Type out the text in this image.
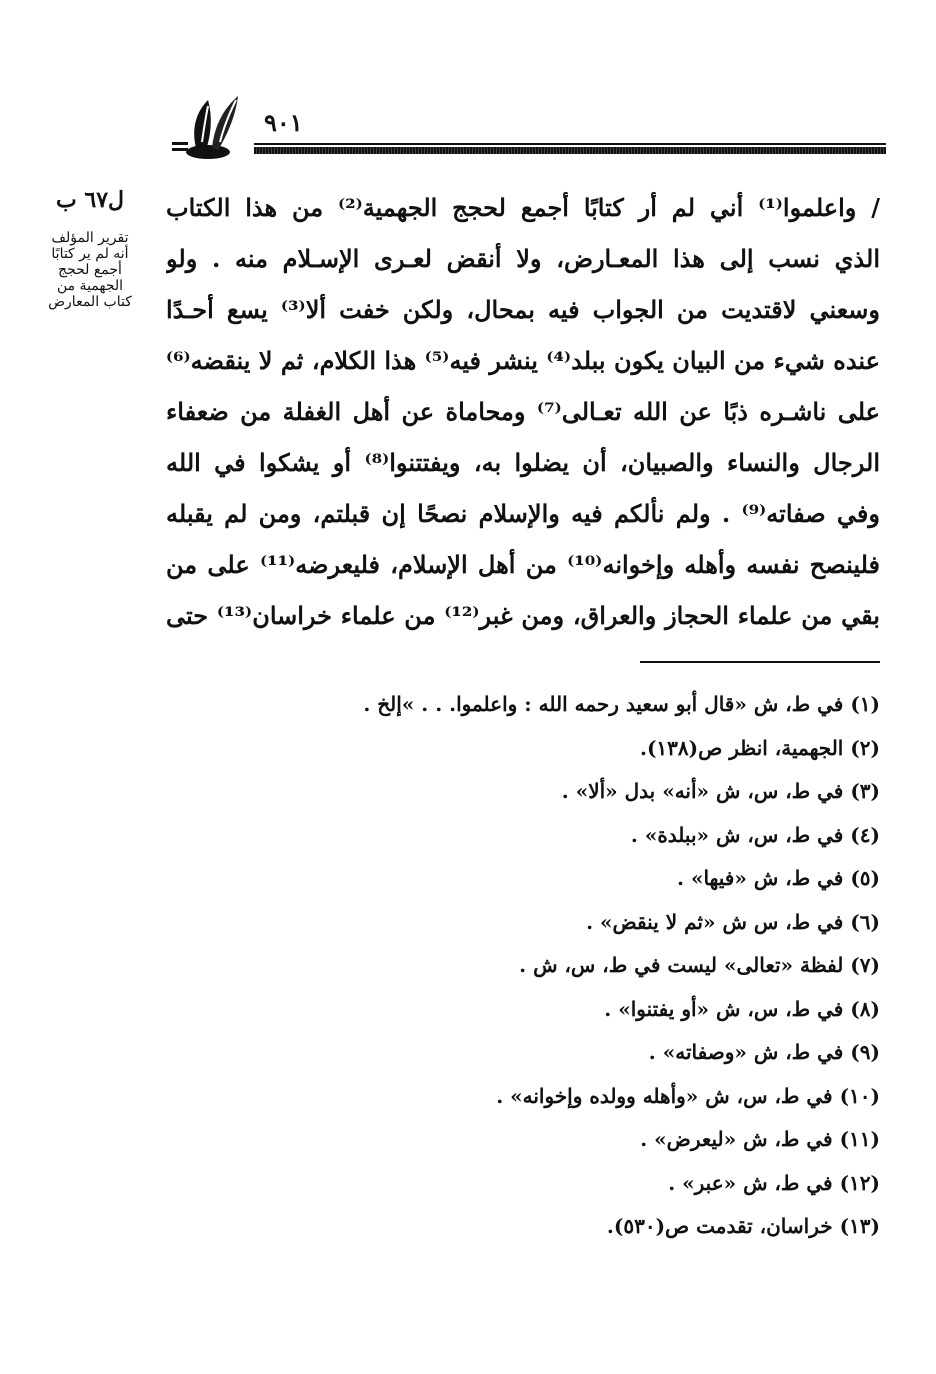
٩٠١
ل٦٧ ب
تقرير المؤلف
أنه لم ير كتابًا
أجمع لحجج
الجهمية من
كتاب المعارض
/ واعلموا⁽¹⁾ أني لم أر كتابًا أجمع لحجج الجهمية⁽²⁾ من هذا الكتاب
الذي نسب إلى هذا المعـارض، ولا أنقض لعـرى الإسـلام منه . ولو
وسعني لاقتديت من الجواب فيه بمحال، ولكن خفت ألا⁽³⁾ يسع أحـدًا
عنده شيء من البيان يكون ببلد⁽⁴⁾ ينشر فيه⁽⁵⁾ هذا الكلام، ثم لا ينقضه⁽⁶⁾
على ناشـره ذبًا عن الله تعـالى⁽⁷⁾ ومحاماة عن أهل الغفلة من ضعفاء
الرجال والنساء والصبيان، أن يضلوا به، ويفتتنوا⁽⁸⁾ أو يشكوا في الله
وفي صفاته⁽⁹⁾ . ولم نألكم فيه والإسلام نصحًا إن قبلتم، ومن لم يقبله
فلينصح نفسه وأهله وإخوانه⁽¹⁰⁾ من أهل الإسلام، فليعرضه⁽¹¹⁾ على من
بقي من علماء الحجاز والعراق، ومن غبر⁽¹²⁾ من علماء خراسان⁽¹³⁾ حتى
(١) في ط، ش «قال أبو سعيد رحمه الله : واعلموا. . . »إلخ .
(٢) الجهمية، انظر ص(١٣٨).
(٣) في ط، س، ش «أنه» بدل «ألا» .
(٤) في ط، س، ش «ببلدة» .
(٥) في ط، ش «فيها» .
(٦) في ط، س ش «ثم لا ينقض» .
(٧) لفظة «تعالى» ليست في ط، س، ش .
(٨) في ط، س، ش «أو يفتنوا» .
(٩) في ط، ش «وصفاته» .
(١٠) في ط، س، ش «وأهله وولده وإخوانه» .
(١١) في ط، ش «ليعرض» .
(١٢) في ط، ش «عبر» .
(١٣) خراسان، تقدمت ص(٥٣٠).
